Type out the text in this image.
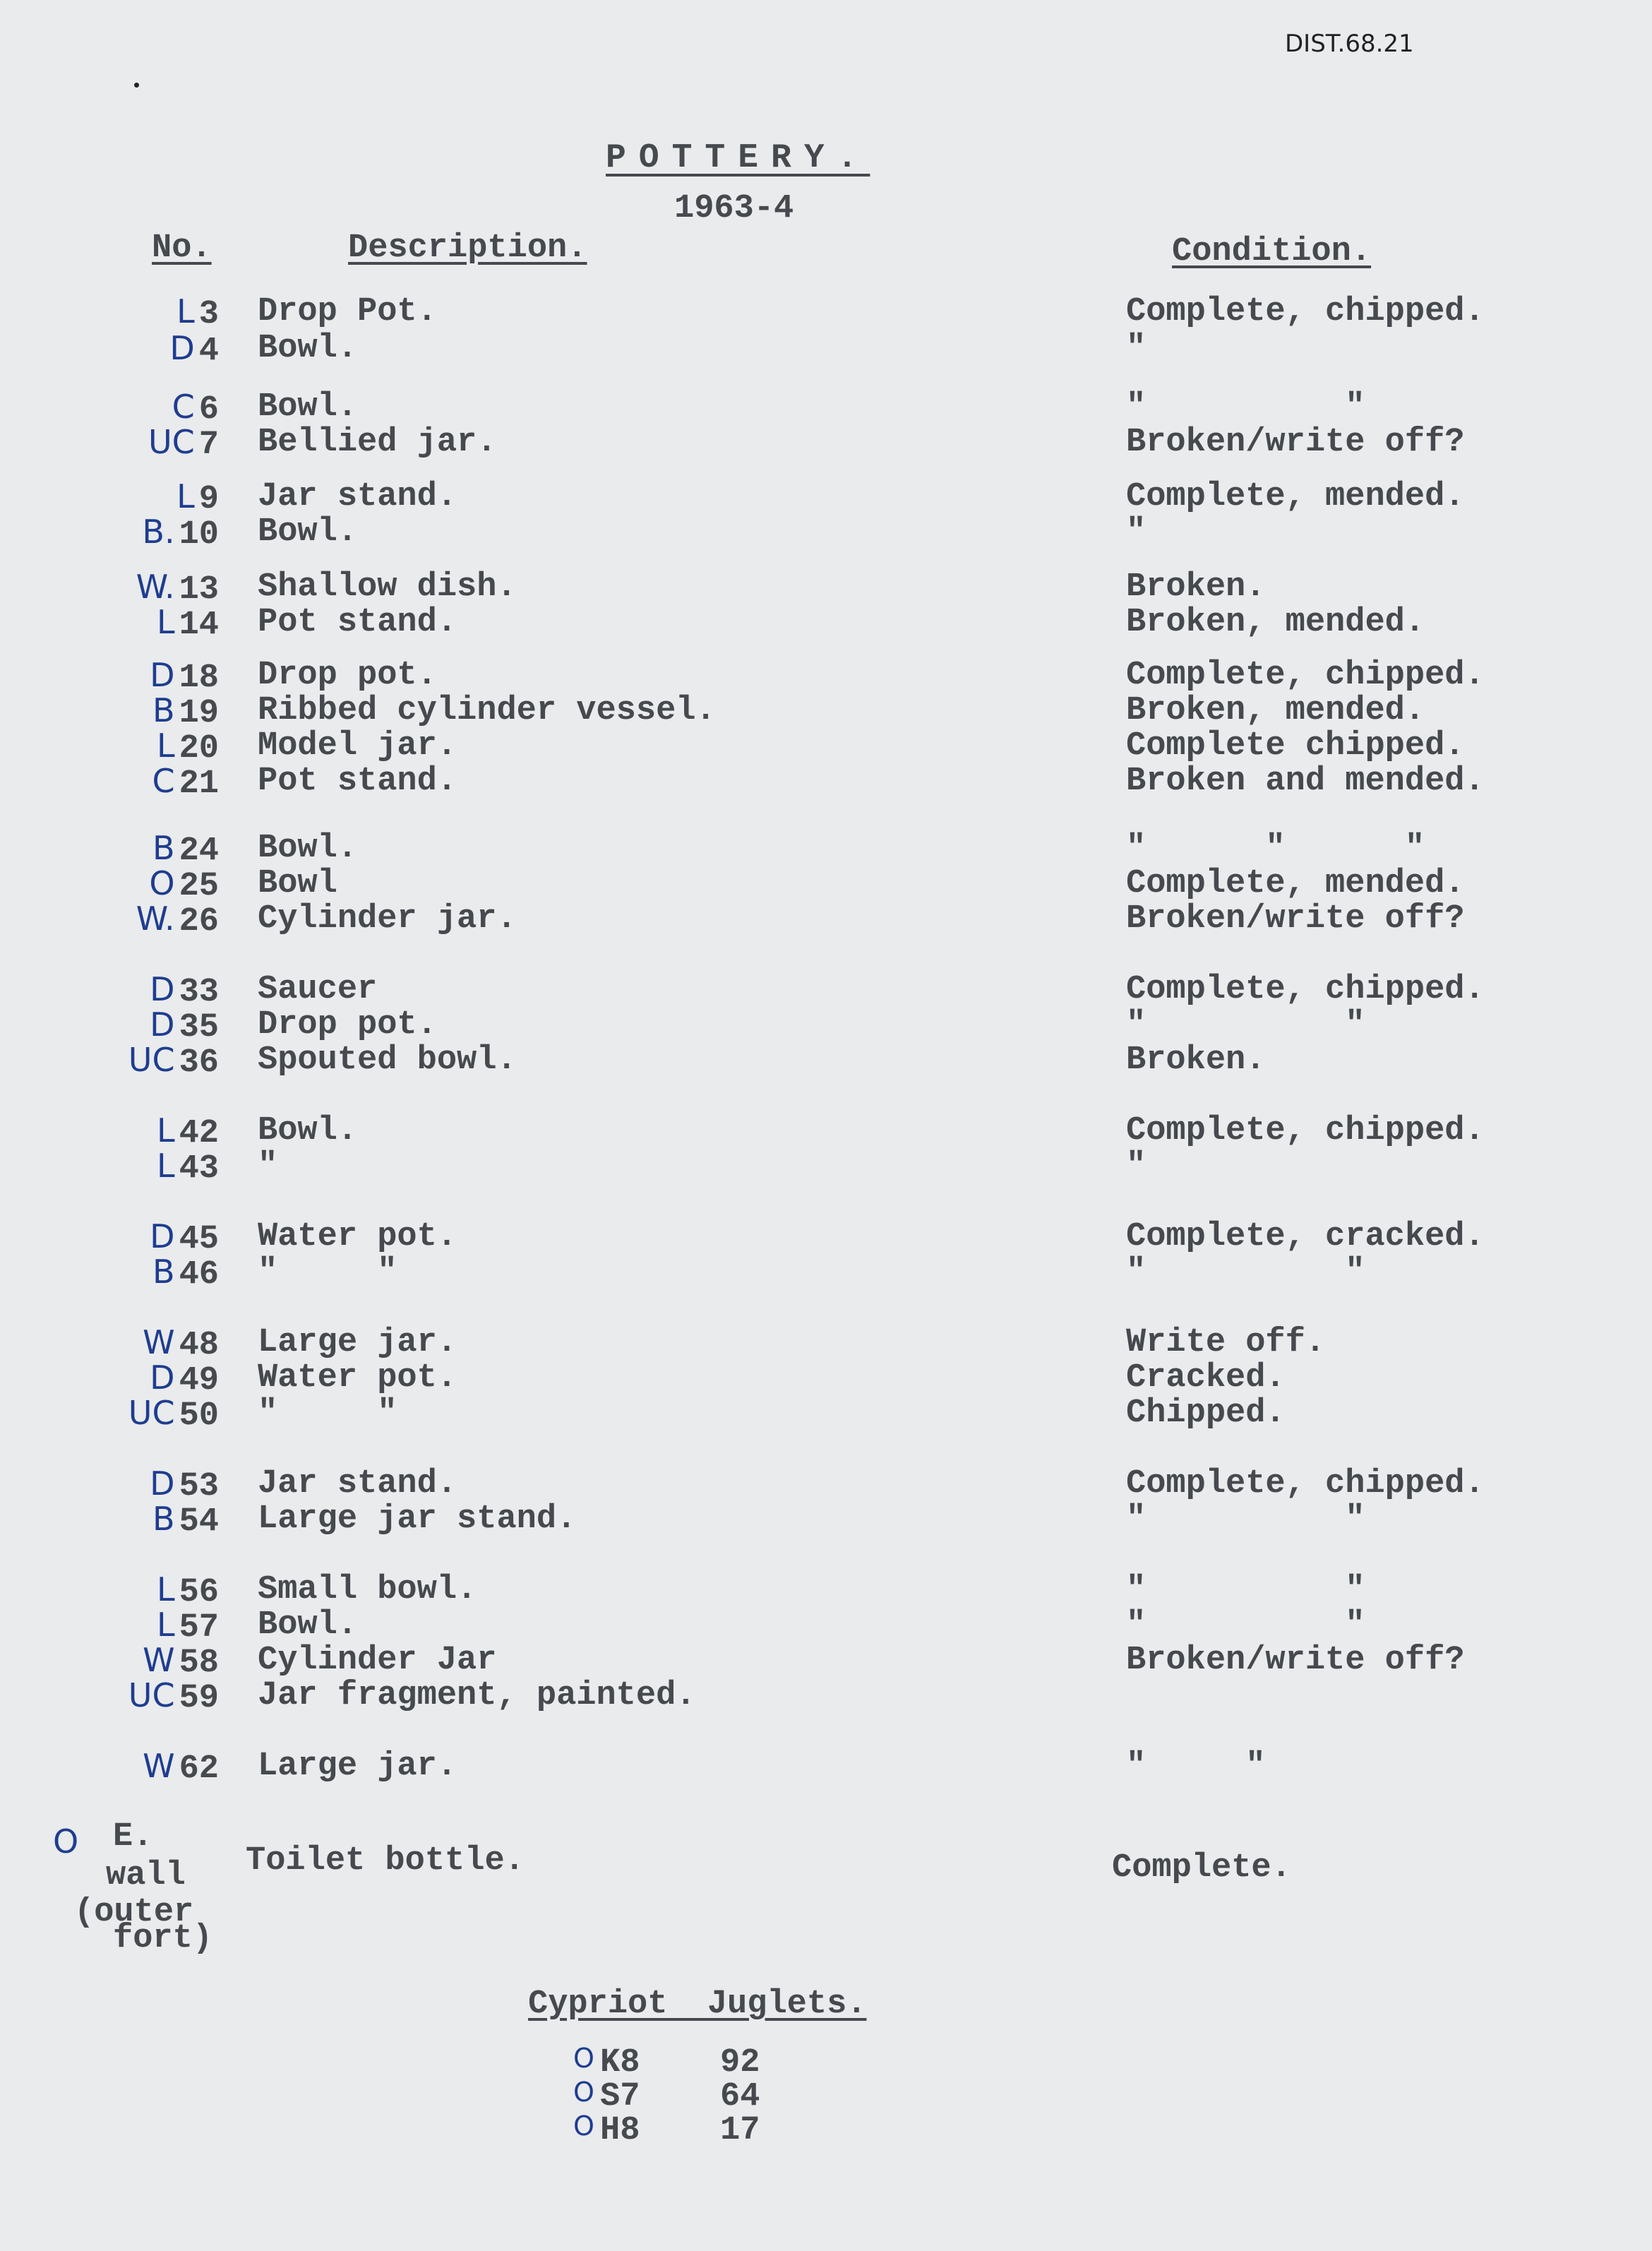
DIST.68.21
POTTERY.
1963-4
No.	Description.	Condition.
L 3 Drop Pot.	Complete, chipped.
D 4 Bowl.	"
C 6 Bowl.	"          "
UC 7 Bellied jar.	Broken/write off?
L 9 Jar stand.	Complete, mended.
B. 10 Bowl.	"
W. 13 Shallow dish.	Broken.
L 14 Pot stand.	Broken, mended.
D 18 Drop pot.	Complete, chipped.
B 19 Ribbed cylinder vessel.	Broken, mended.
L 20 Model jar.	Complete chipped.
C 21 Pot stand.	Broken and mended.
B 24 Bowl.	"      "      "
O 25 Bowl	Complete, mended.
W. 26 Cylinder jar.	Broken/write off?
D 33 Saucer	Complete, chipped.
D 35 Drop pot.	"          "
UC 36 Spouted bowl.	Broken.
L 42 Bowl.	Complete, chipped.
L 43 "	"
D 45 Water pot.	Complete, cracked.
B 46 "     "	"          "
W 48 Large jar.	Write off.
D 49 Water pot.	Cracked.
UC 50 "     "	Chipped.
D 53 Jar stand.	Complete, chipped.
B 54 Large jar stand.	"          "
L 56 Small bowl.	"          "
L 57 Bowl.	"          "
W 58 Cylinder Jar	Broken/write off?
UC 59 Jar fragment, painted.
W 62 Large jar.	"     "
O E.
wall
(outer
fort)
Toilet bottle.	Complete.
Cypriot  Juglets.
O K8 92
O S7 64
O H8 17
